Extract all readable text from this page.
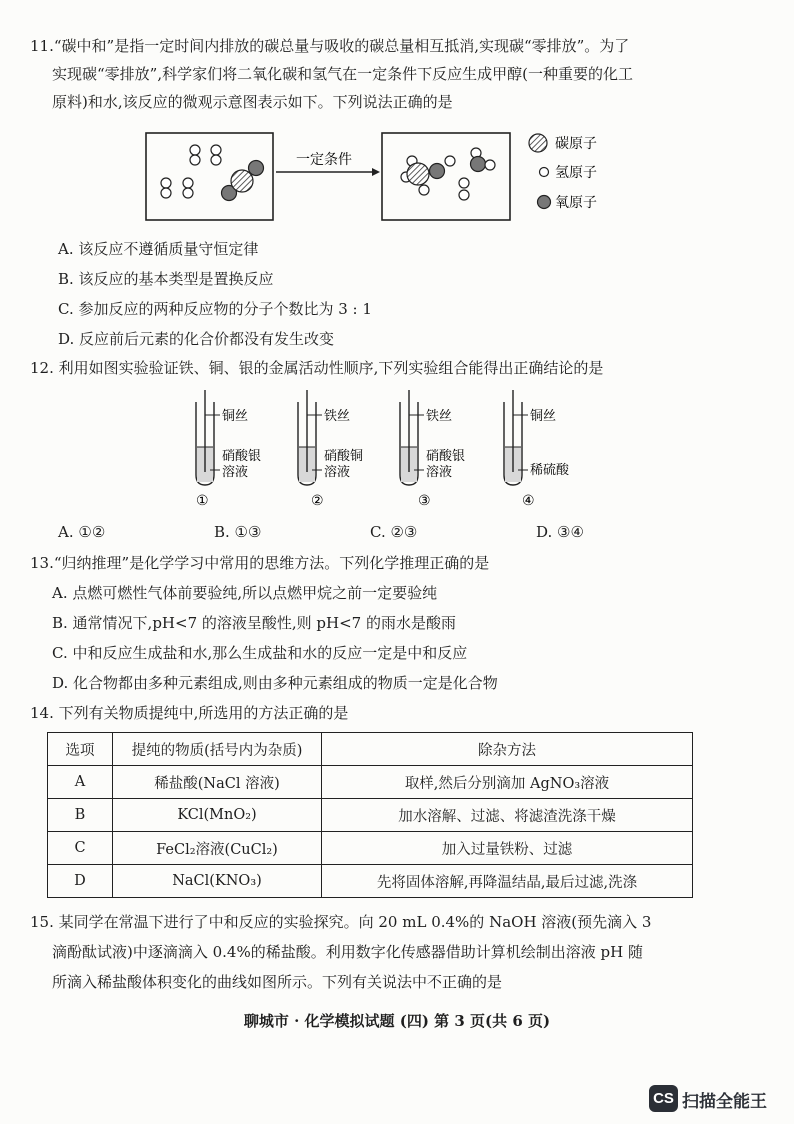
11.“碳中和”是指一定时间内排放的碳总量与吸收的碳总量相互抵消,实现碳“零排放”。为了
实现碳“零排放”,科学家们将二氧化碳和氢气在一定条件下反应生成甲醇(一种重要的化工
原料)和水,该反应的微观示意图表示如下。下列说法正确的是
一定条件
碳原子
氢原子
氧原子
A. 该反应不遵循质量守恒定律
B. 该反应的基本类型是置换反应
C. 参加反应的两种反应物的分子个数比为 3 : 1
D. 反应前后元素的化合价都没有发生改变
12. 利用如图实验验证铁、铜、银的金属活动性顺序,下列实验组合能得出正确结论的是
铜丝
硝酸银
溶液
①
铁丝
硝酸铜
溶液
②
铁丝
硝酸银
溶液
③
铜丝
稀硫酸
④
A. ①②	B. ①③	C. ②③	D. ③④
13.“归纳推理”是化学学习中常用的思维方法。下列化学推理正确的是
A. 点燃可燃性气体前要验纯,所以点燃甲烷之前一定要验纯
B. 通常情况下,pH<7 的溶液呈酸性,则 pH<7 的雨水是酸雨
C. 中和反应生成盐和水,那么生成盐和水的反应一定是中和反应
D. 化合物都由多种元素组成,则由多种元素组成的物质一定是化合物
14. 下列有关物质提纯中,所选用的方法正确的是
选项	提纯的物质(括号内为杂质)	除杂方法
A	稀盐酸(NaCl 溶液)	取样,然后分别滴加 AgNO₃溶液
B	KCl(MnO₂)	加水溶解、过滤、将滤渣洗涤干燥
C	FeCl₂溶液(CuCl₂)	加入过量铁粉、过滤
D	NaCl(KNO₃)	先将固体溶解,再降温结晶,最后过滤,洗涤
15. 某同学在常温下进行了中和反应的实验探究。向 20 mL 0.4%的 NaOH 溶液(预先滴入 3
滴酚酞试液)中逐滴滴入 0.4%的稀盐酸。利用数字化传感器借助计算机绘制出溶液 pH 随
所滴入稀盐酸体积变化的曲线如图所示。下列有关说法中不正确的是
聊城市 · 化学模拟试题 (四) 第 3 页(共 6 页)
CS 扫描全能王
